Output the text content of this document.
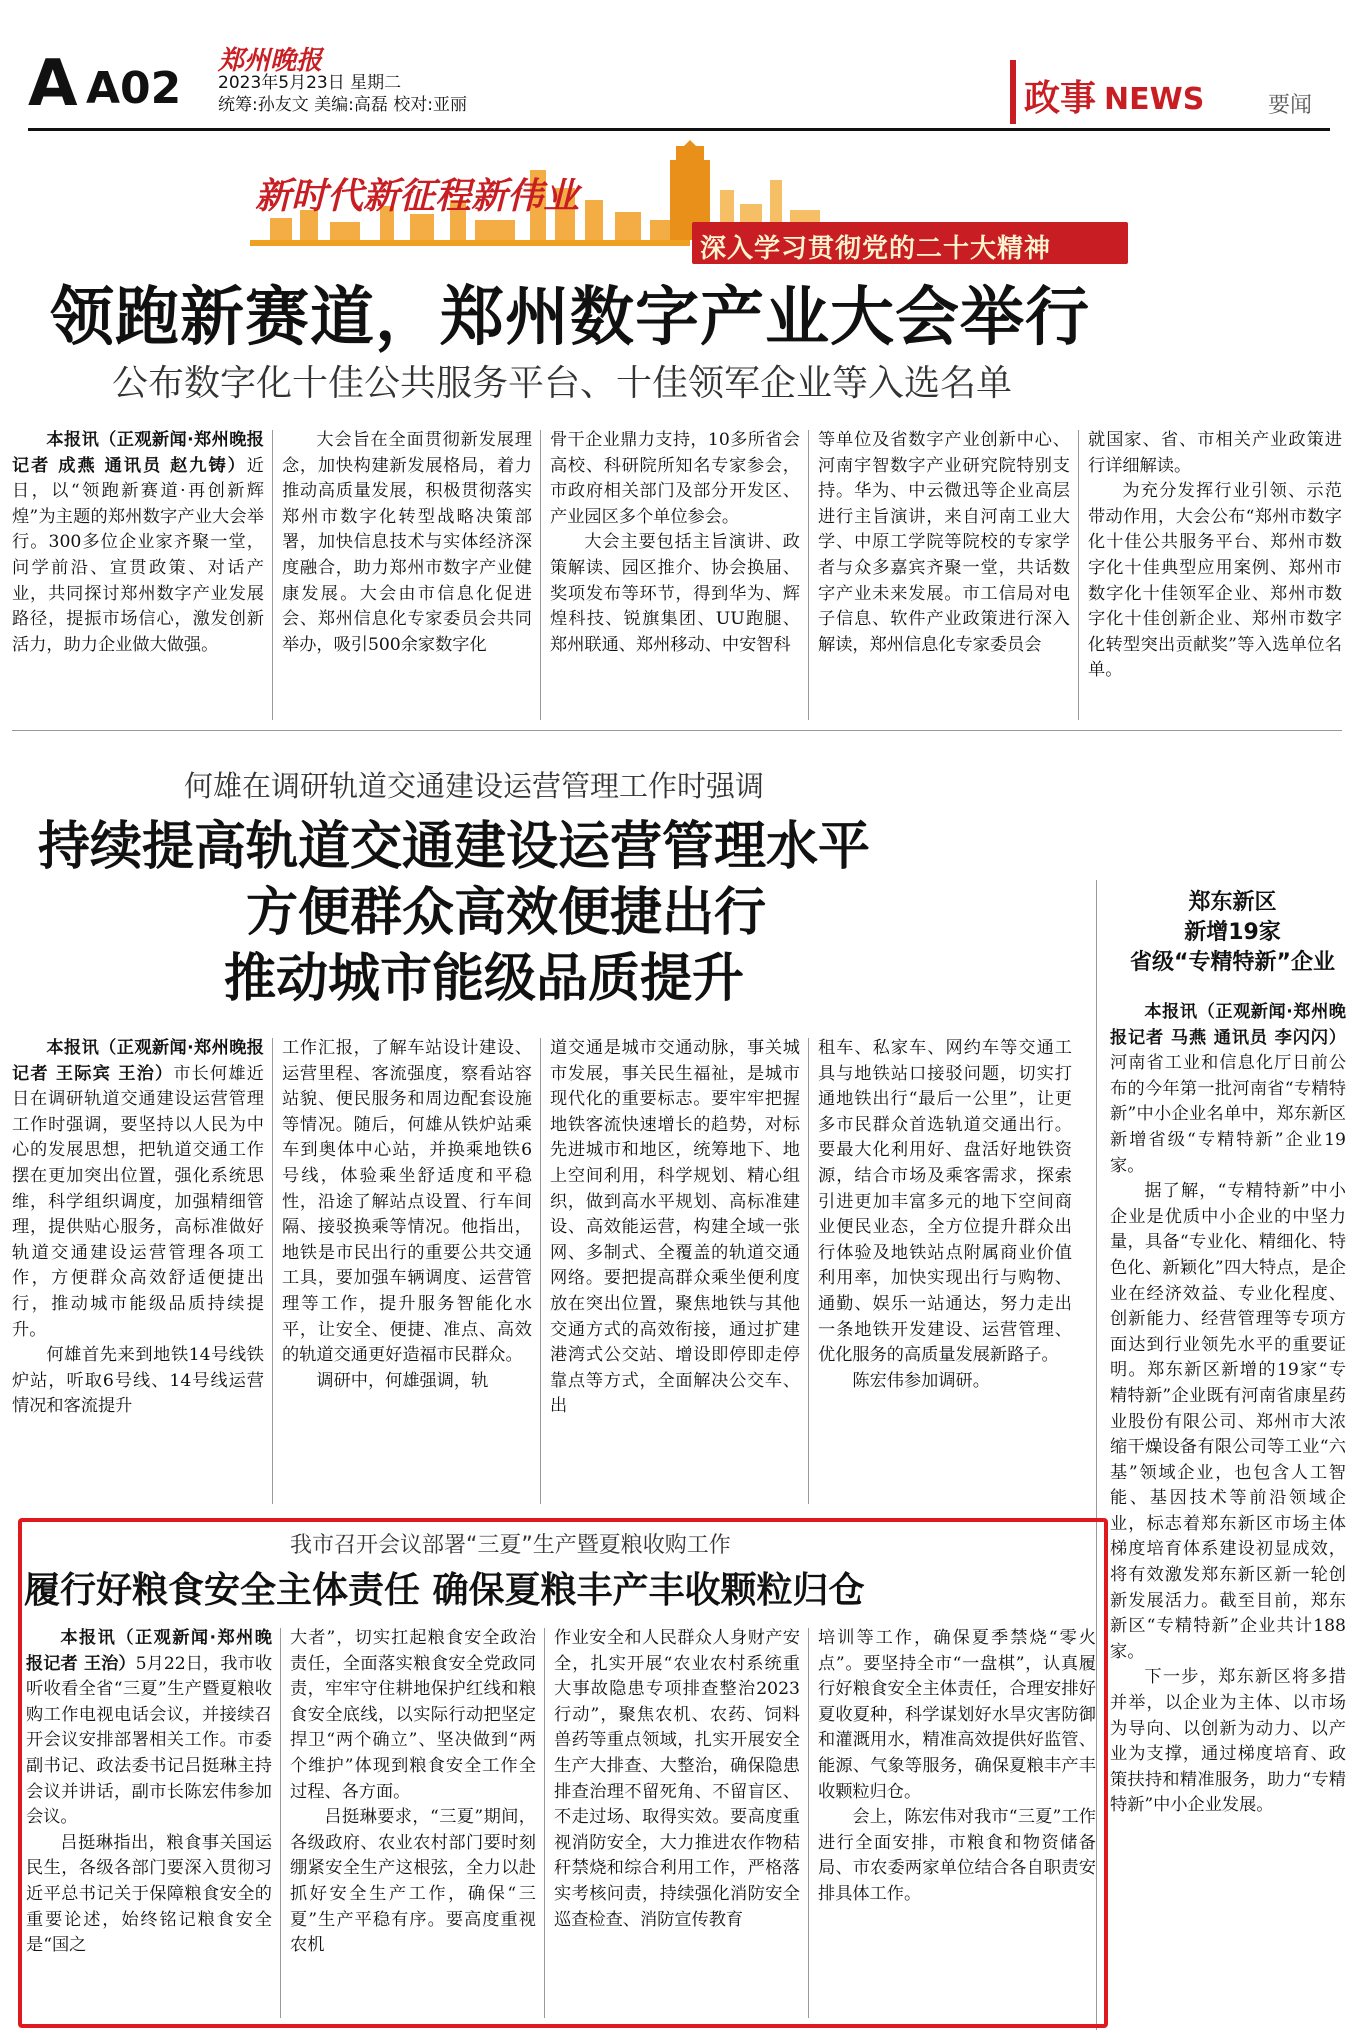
A A02
郑州晚报
2023年5月23日 星期二
统筹:孙友文 美编:高磊 校对:亚丽	政事 NEWS	要闻
新时代新征程新伟业
深入学习贯彻党的二十大精神
领跑新赛道，郑州数字产业大会举行
公布数字化十佳公共服务平台、十佳领军企业等入选名单

本报讯（正观新闻·郑州晚报记者 成燕 通讯员 赵九铸）近日，以“领跑新赛道·再创新辉煌”为主题的郑州数字产业大会举行。300多位企业家齐聚一堂，问学前沿、宣贯政策、对话产业，共同探讨郑州数字产业发展路径，提振市场信心，激发创新活力，助力企业做大做强。

大会旨在全面贯彻新发展理念，加快构建新发展格局，着力推动高质量发展，积极贯彻落实郑州市数字化转型战略决策部署，加快信息技术与实体经济深度融合，助力郑州市数字产业健康发展。大会由市信息化促进会、郑州信息化专家委员会共同举办，吸引500余家数字化

骨干企业鼎力支持，10多所省会高校、科研院所知名专家参会，市政府相关部门及部分开发区、产业园区多个单位参会。

大会主要包括主旨演讲、政策解读、园区推介、协会换届、奖项发布等环节，得到华为、辉煌科技、锐旗集团、UU跑腿、郑州联通、郑州移动、中安智科

等单位及省数字产业创新中心、河南宇智数字产业研究院特别支持。华为、中云微迅等企业高层进行主旨演讲，来自河南工业大学、中原工学院等院校的专家学者与众多嘉宾齐聚一堂，共话数字产业未来发展。市工信局对电子信息、软件产业政策进行深入解读，郑州信息化专家委员会

就国家、省、市相关产业政策进行详细解读。

为充分发挥行业引领、示范带动作用，大会公布“郑州市数字化十佳公共服务平台、郑州市数字化十佳典型应用案例、郑州市数字化十佳领军企业、郑州市数字化十佳创新企业、郑州市数字化转型突出贡献奖”等入选单位名单。

何雄在调研轨道交通建设运营管理工作时强调
持续提高轨道交通建设运营管理水平
方便群众高效便捷出行
推动城市能级品质提升

本报讯（正观新闻·郑州晚报记者 王际宾 王治）市长何雄近日在调研轨道交通建设运营管理工作时强调，要坚持以人民为中心的发展思想，把轨道交通工作摆在更加突出位置，强化系统思维，科学组织调度，加强精细管理，提供贴心服务，高标准做好轨道交通建设运营管理各项工作，方便群众高效舒适便捷出行，推动城市能级品质持续提升。

何雄首先来到地铁14号线铁炉站，听取6号线、14号线运营情况和客流提升

工作汇报，了解车站设计建设、运营里程、客流强度，察看站容站貌、便民服务和周边配套设施等情况。随后，何雄从铁炉站乘车到奥体中心站，并换乘地铁6号线，体验乘坐舒适度和平稳性，沿途了解站点设置、行车间隔、接驳换乘等情况。他指出，地铁是市民出行的重要公共交通工具，要加强车辆调度、运营管理等工作，提升服务智能化水平，让安全、便捷、准点、高效的轨道交通更好造福市民群众。

调研中，何雄强调，轨

道交通是城市交通动脉，事关城市发展，事关民生福祉，是城市现代化的重要标志。要牢牢把握地铁客流快速增长的趋势，对标先进城市和地区，统筹地下、地上空间利用，科学规划、精心组织，做到高水平规划、高标准建设、高效能运营，构建全域一张网、多制式、全覆盖的轨道交通网络。要把提高群众乘坐便利度放在突出位置，聚焦地铁与其他交通方式的高效衔接，通过扩建港湾式公交站、增设即停即走停靠点等方式，全面解决公交车、出

租车、私家车、网约车等交通工具与地铁站口接驳问题，切实打通地铁出行“最后一公里”，让更多市民群众首选轨道交通出行。要最大化利用好、盘活好地铁资源，结合市场及乘客需求，探索引进更加丰富多元的地下空间商业便民业态，全方位提升群众出行体验及地铁站点附属商业价值利用率，加快实现出行与购物、通勤、娱乐一站通达，努力走出一条地铁开发建设、运营管理、优化服务的高质量发展新路子。

陈宏伟参加调研。

郑东新区
新增19家
省级“专精特新”企业

本报讯（正观新闻·郑州晚报记者 马燕 通讯员 李闪闪）河南省工业和信息化厅日前公布的今年第一批河南省“专精特新”中小企业名单中，郑东新区新增省级“专精特新”企业19家。

据了解，“专精特新”中小企业是优质中小企业的中坚力量，具备“专业化、精细化、特色化、新颖化”四大特点，是企业在经济效益、专业化程度、创新能力、经营管理等专项方面达到行业领先水平的重要证明。郑东新区新增的19家“专精特新”企业既有河南省康星药业股份有限公司、郑州市大浓缩干燥设备有限公司等工业“六基”领域企业，也包含人工智能、基因技术等前沿领域企业，标志着郑东新区市场主体梯度培育体系建设初显成效，将有效激发郑东新区新一轮创新发展活力。截至目前，郑东新区“专精特新”企业共计188家。

下一步，郑东新区将多措并举，以企业为主体、以市场为导向、以创新为动力、以产业为支撑，通过梯度培育、政策扶持和精准服务，助力“专精特新”中小企业发展。

我市召开会议部署“三夏”生产暨夏粮收购工作
履行好粮食安全主体责任 确保夏粮丰产丰收颗粒归仓

本报讯（正观新闻·郑州晚报记者 王治）5月22日，我市收听收看全省“三夏”生产暨夏粮收购工作电视电话会议，并接续召开会议安排部署相关工作。市委副书记、政法委书记吕挺琳主持会议并讲话，副市长陈宏伟参加会议。

吕挺琳指出，粮食事关国运民生，各级各部门要深入贯彻习近平总书记关于保障粮食安全的重要论述，始终铭记粮食安全是“国之

大者”，切实扛起粮食安全政治责任，全面落实粮食安全党政同责，牢牢守住耕地保护红线和粮食安全底线，以实际行动把坚定捍卫“两个确立”、坚决做到“两个维护”体现到粮食安全工作全过程、各方面。

吕挺琳要求，“三夏”期间，各级政府、农业农村部门要时刻绷紧安全生产这根弦，全力以赴抓好安全生产工作，确保“三夏”生产平稳有序。要高度重视农机

作业安全和人民群众人身财产安全，扎实开展“农业农村系统重大事故隐患专项排查整治2023行动”，聚焦农机、农药、饲料兽药等重点领域，扎实开展安全生产大排查、大整治，确保隐患排查治理不留死角、不留盲区、不走过场、取得实效。要高度重视消防安全，大力推进农作物秸秆禁烧和综合利用工作，严格落实考核问责，持续强化消防安全巡查检查、消防宣传教育

培训等工作，确保夏季禁烧“零火点”。要坚持全市“一盘棋”，认真履行好粮食安全主体责任，合理安排好夏收夏种，科学谋划好水旱灾害防御和灌溉用水，精准高效提供好监管、能源、气象等服务，确保夏粮丰产丰收颗粒归仓。

会上，陈宏伟对我市“三夏”工作进行全面安排，市粮食和物资储备局、市农委两家单位结合各自职责安排具体工作。
